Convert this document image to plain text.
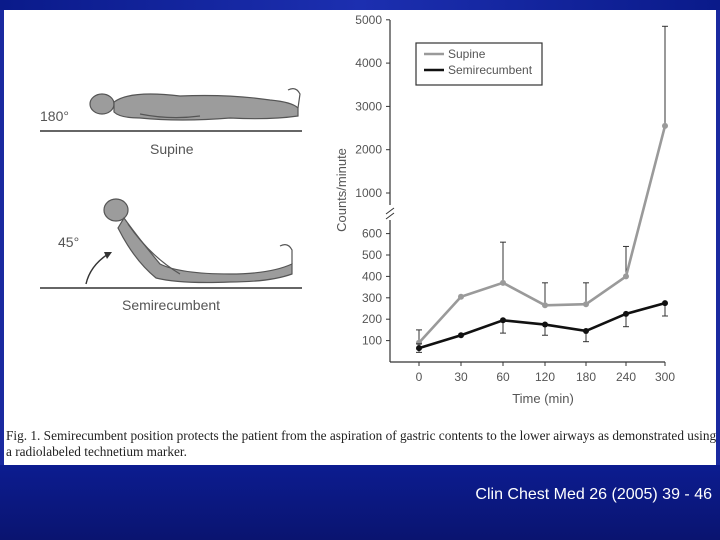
180°
Supine
45°
Semirecumbent
100
200
300
400
500
600
1000
2000
3000
4000
5000
0	30 60 120 180 240 300
Supine
Semirecumbent
Counts/minute
Time (min)
Fig. 1. Semirecumbent position protects the patient from the aspiration of gastric contents to the lower airways as demonstrated using a radiolabeled technetium marker.
Clin Chest Med 26 (2005) 39 - 46
